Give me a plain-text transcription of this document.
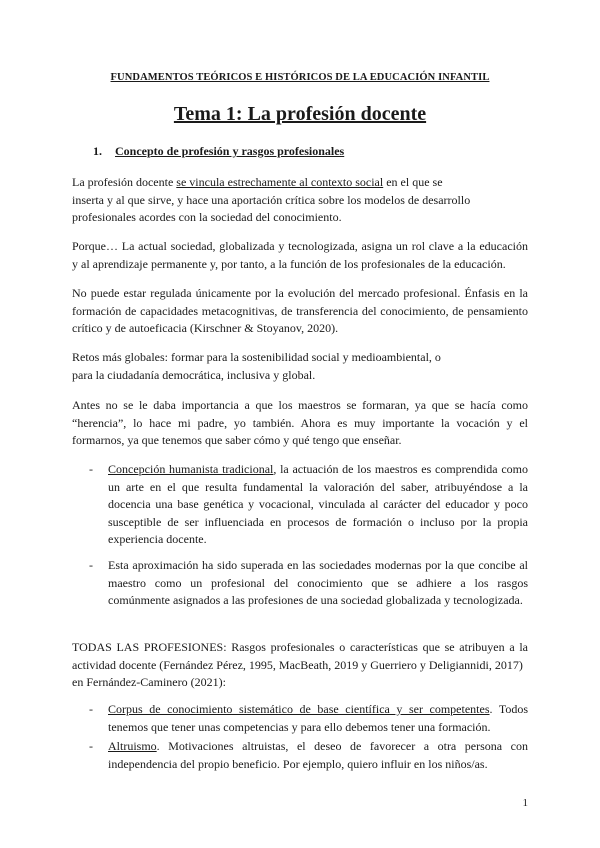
FUNDAMENTOS TEÓRICOS E HISTÓRICOS DE LA EDUCACIÓN INFANTIL
Tema 1: La profesión docente
1. Concepto de profesión y rasgos profesionales
La profesión docente se vincula estrechamente al contexto social en el que se
inserta y al que sirve, y hace una aportación crítica sobre los modelos de desarrollo
profesionales acordes con la sociedad del conocimiento.
Porque… La actual sociedad, globalizada y tecnologizada, asigna un rol clave a la educación
y al aprendizaje permanente y, por tanto, a la función de los profesionales de la educación.
No puede estar regulada únicamente por la evolución del mercado profesional. Énfasis en la
formación de capacidades metacognitivas, de transferencia del conocimiento, de pensamiento
crítico y de autoeficacia (Kirschner & Stoyanov, 2020).
Retos más globales: formar para la sostenibilidad social y medioambiental, o
para la ciudadanía democrática, inclusiva y global.
Antes no se le daba importancia a que los maestros se formaran, ya que se hacía como
“herencia”, lo hace mi padre, yo también. Ahora es muy importante la vocación y el
formarnos, ya que tenemos que saber cómo y qué tengo que enseñar.
- Concepción humanista tradicional, la actuación de los maestros es comprendida como
un arte en el que resulta fundamental la valoración del saber, atribuyéndose a la
docencia una base genética y vocacional, vinculada al carácter del educador y poco
susceptible de ser influenciada en procesos de formación o incluso por la propia
experiencia docente.
- Esta aproximación ha sido superada en las sociedades modernas por la que concibe al
maestro como un profesional del conocimiento que se adhiere a los rasgos
comúnmente asignados a las profesiones de una sociedad globalizada y tecnologizada.
TODAS LAS PROFESIONES: Rasgos profesionales o características que se atribuyen a la
actividad docente (Fernández Pérez, 1995, MacBeath, 2019 y Guerriero y Deligiannidi, 2017)
en Fernández-Caminero (2021):
- Corpus de conocimiento sistemático de base científica y ser competentes. Todos
tenemos que tener unas competencias y para ello debemos tener una formación.
- Altruismo. Motivaciones altruistas, el deseo de favorecer a otra persona con
independencia del propio beneficio. Por ejemplo, quiero influir en los niños/as.
1
